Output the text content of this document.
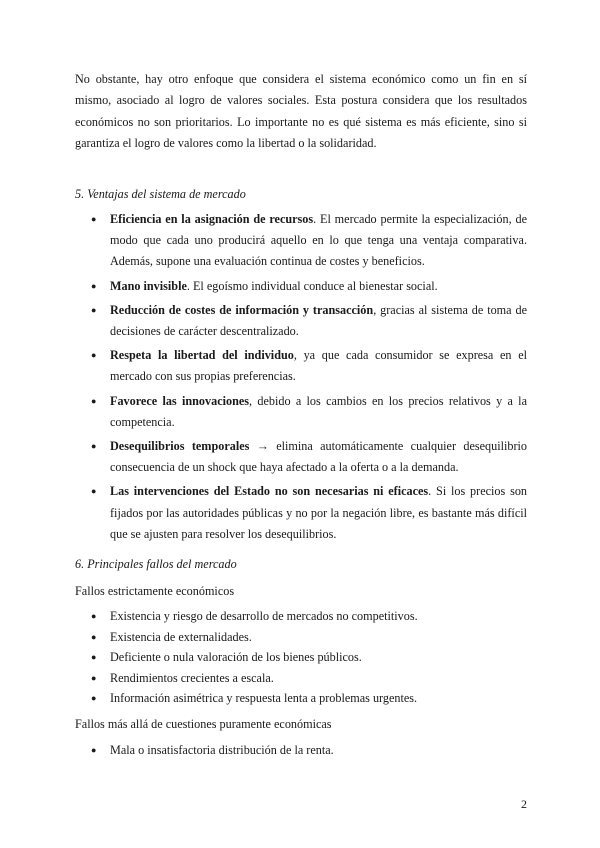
No obstante, hay otro enfoque que considera el sistema económico como un fin en sí mismo, asociado al logro de valores sociales. Esta postura considera que los resultados económicos no son prioritarios. Lo importante no es qué sistema es más eficiente, sino si garantiza el logro de valores como la libertad o la solidaridad.

5. Ventajas del sistema de mercado

● Eficiencia en la asignación de recursos. El mercado permite la especialización, de modo que cada uno producirá aquello en lo que tenga una ventaja comparativa. Además, supone una evaluación continua de costes y beneficios.
● Mano invisible. El egoísmo individual conduce al bienestar social.
● Reducción de costes de información y transacción, gracias al sistema de toma de decisiones de carácter descentralizado.
● Respeta la libertad del individuo, ya que cada consumidor se expresa en el mercado con sus propias preferencias.
● Favorece las innovaciones, debido a los cambios en los precios relativos y a la competencia.
● Desequilibrios temporales → elimina automáticamente cualquier desequilibrio consecuencia de un shock que haya afectado a la oferta o a la demanda.
● Las intervenciones del Estado no son necesarias ni eficaces. Si los precios son fijados por las autoridades públicas y no por la negación libre, es bastante más difícil que se ajusten para resolver los desequilibrios.

6. Principales fallos del mercado

Fallos estrictamente económicos

● Existencia y riesgo de desarrollo de mercados no competitivos.
● Existencia de externalidades.
● Deficiente o nula valoración de los bienes públicos.
● Rendimientos crecientes a escala.
● Información asimétrica y respuesta lenta a problemas urgentes.

Fallos más allá de cuestiones puramente económicas

● Mala o insatisfactoria distribución de la renta.
2
